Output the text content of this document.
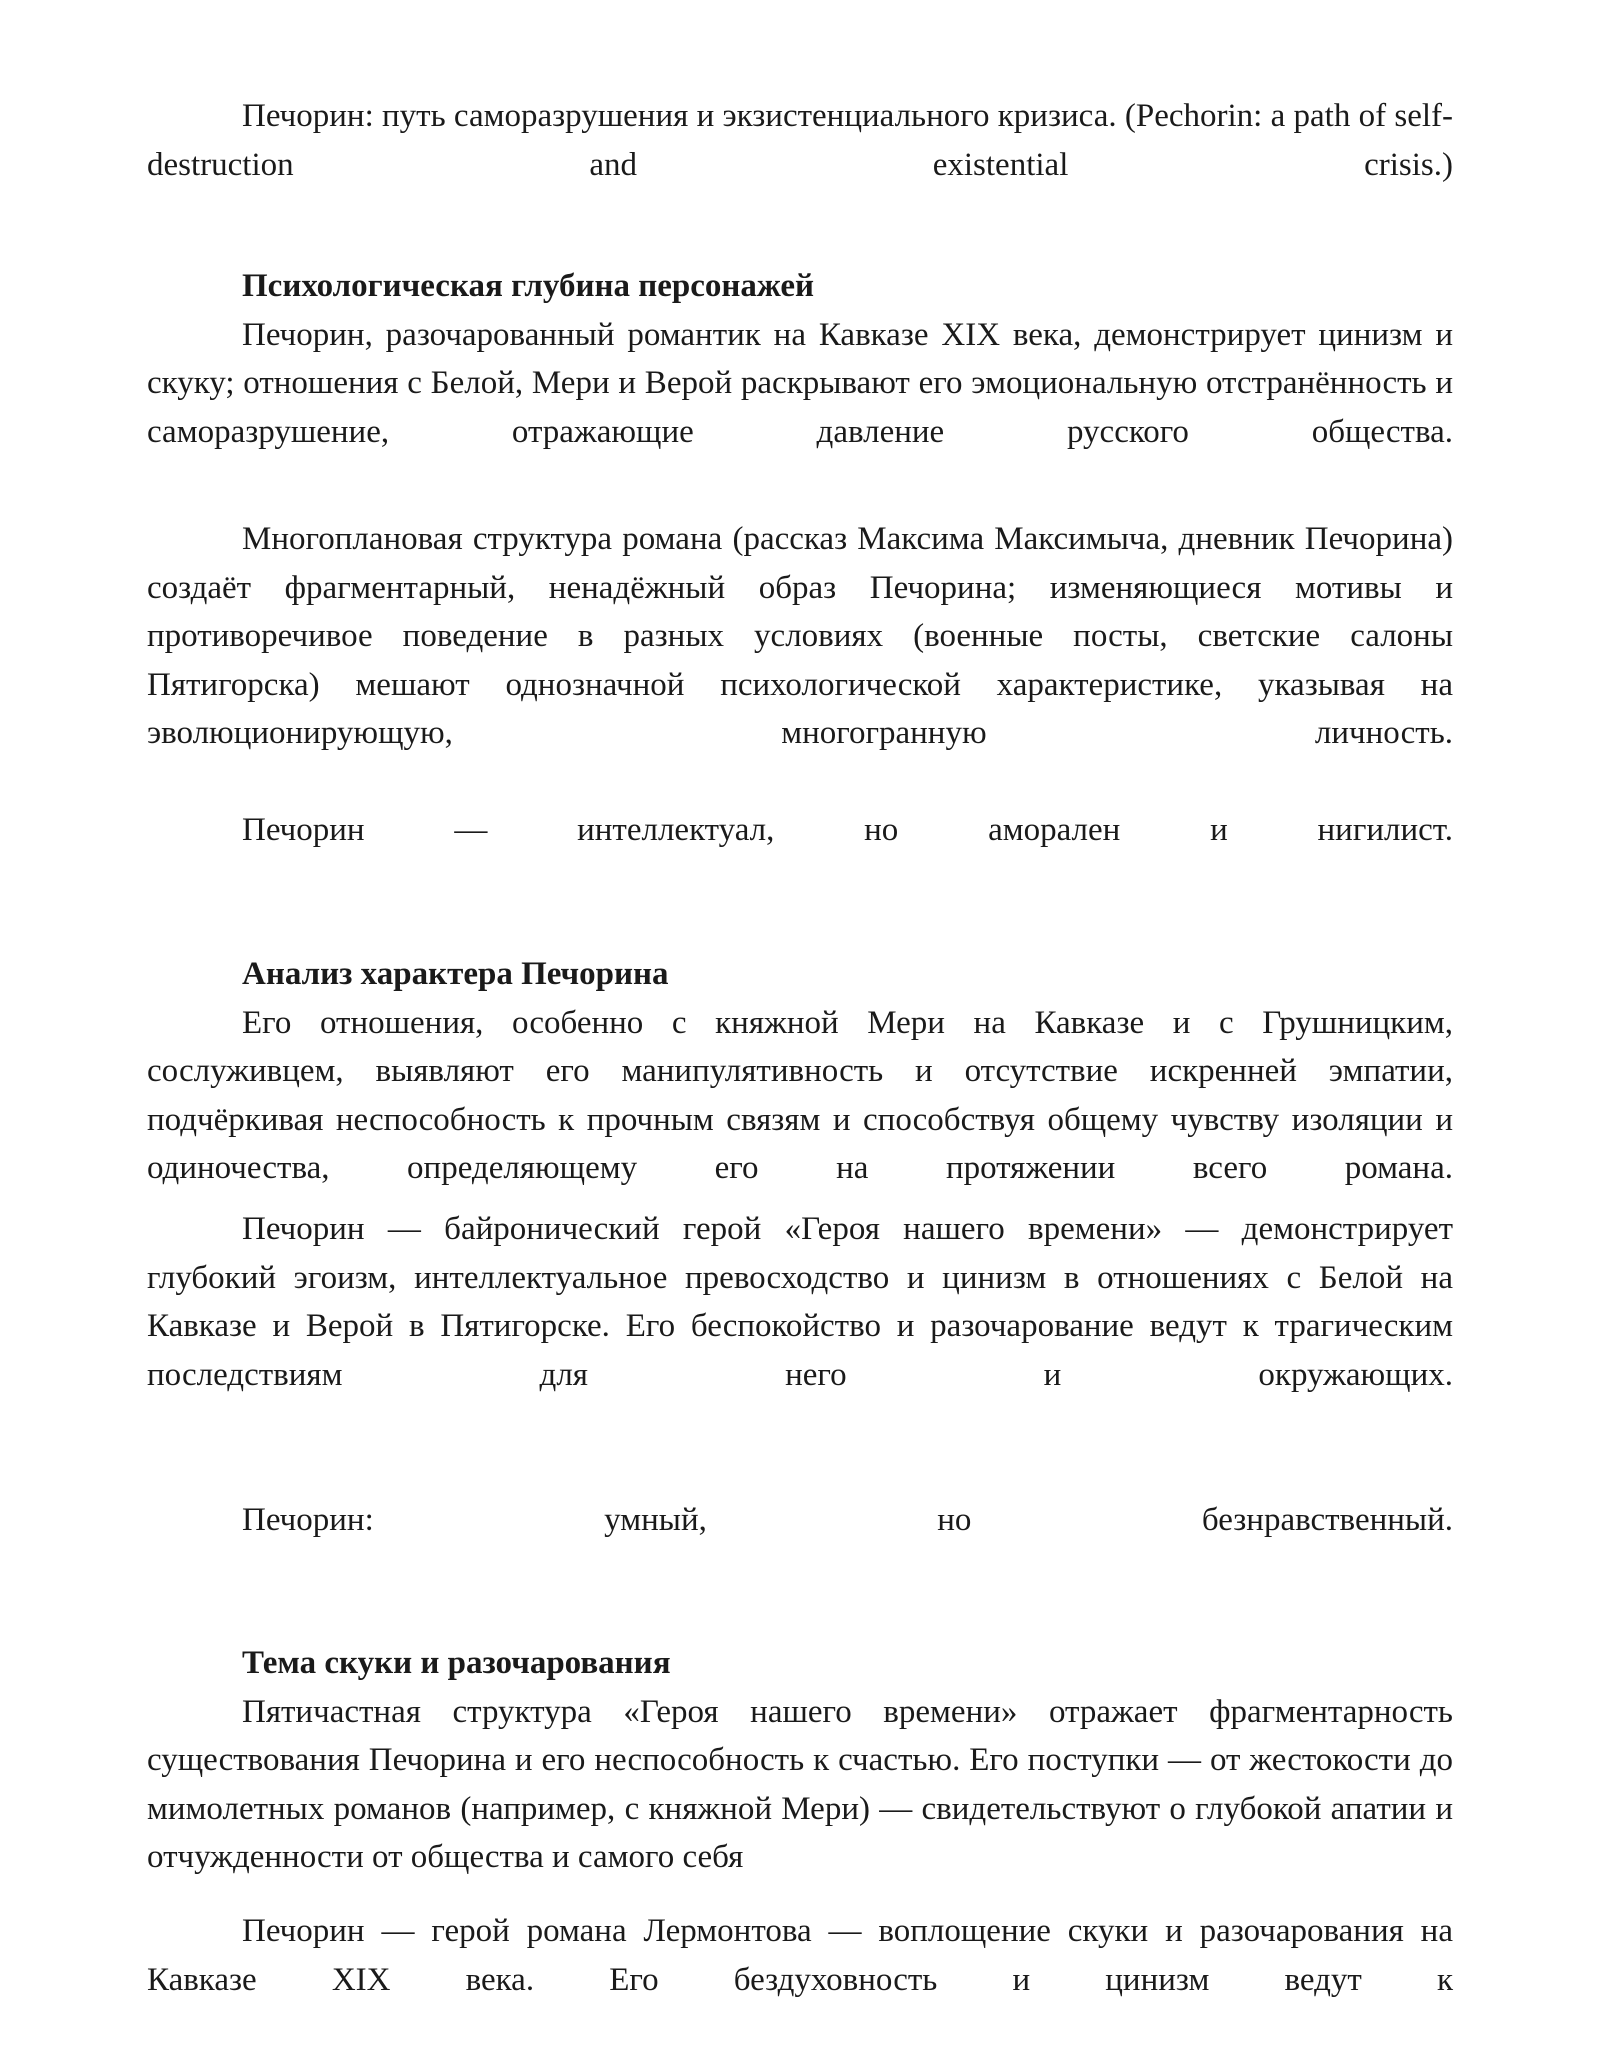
Печорин: путь саморазрушения и экзистенциального кризиса. (Pechorin: a path of self-destruction and existential crisis.)

Психологическая глубина персонажей

Печорин, разочарованный романтик на Кавказе XIX века, демонстрирует цинизм и скуку; отношения с Белой, Мери и Верой раскрывают его эмоциональную отстранённость и саморазрушение, отражающие давление русского общества.

Многоплановая структура романа (рассказ Максима Максимыча, дневник Печорина) создаёт фрагментарный, ненадёжный образ Печорина; изменяющиеся мотивы и противоречивое поведение в разных условиях (военные посты, светские салоны Пятигорска) мешают однозначной психологической характеристике, указывая на эволюционирующую, многогранную личность.

Печорин — интеллектуал, но аморален и нигилист.

Анализ характера Печорина

Его отношения, особенно с княжной Мери на Кавказе и с Грушницким, сослуживцем, выявляют его манипулятивность и отсутствие искренней эмпатии, подчёркивая неспособность к прочным связям и способствуя общему чувству изоляции и одиночества, определяющему его на протяжении всего романа.

Печорин — байронический герой «Героя нашего времени» — демонстрирует глубокий эгоизм, интеллектуальное превосходство и цинизм в отношениях с Белой на Кавказе и Верой в Пятигорске. Его беспокойство и разочарование ведут к трагическим последствиям для него и окружающих.

Печорин: умный, но безнравственный.

Тема скуки и разочарования

Пятичастная структура «Героя нашего времени» отражает фрагментарность существования Печорина и его неспособность к счастью. Его поступки — от жестокости до мимолетных романов (например, с княжной Мери) — свидетельствуют о глубокой апатии и отчужденности от общества и самого себя

Печорин — герой романа Лермонтова — воплощение скуки и разочарования на Кавказе XIX века. Его бездуховность и цинизм ведут к
